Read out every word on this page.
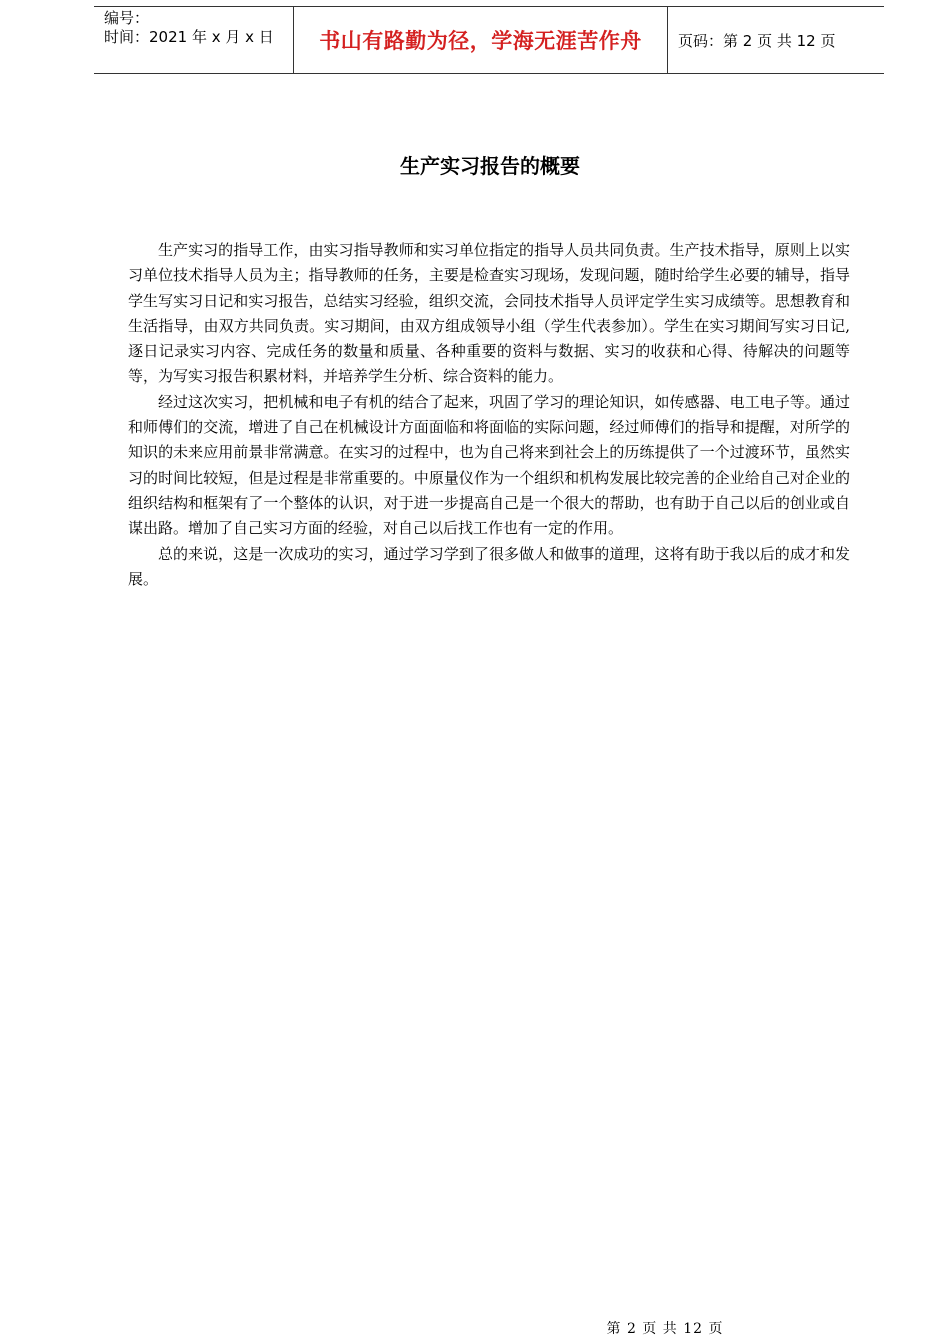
编号：
时间：2021 年 x 月 x 日	书山有路勤为径，学海无涯苦作舟	页码：第 2 页 共 12 页
生产实习报告的概要

生产实习的指导工作，由实习指导教师和实习单位指定的指导人员共同负责。生产技术指导，原则上以实习单位技术指导人员为主；指导教师的任务，主要是检查实习现场，发现问题，随时给学生必要的辅导，指导学生写实习日记和实习报告，总结实习经验，组织交流，会同技术指导人员评定学生实习成绩等。思想教育和生活指导，由双方共同负责。实习期间，由双方组成领导小组（学生代表参加）。学生在实习期间写实习日记,逐日记录实习内容、完成任务的数量和质量、各种重要的资料与数据、实习的收获和心得、待解决的问题等等，为写实习报告积累材料，并培养学生分析、综合资料的能力。

经过这次实习，把机械和电子有机的结合了起来，巩固了学习的理论知识，如传感器、电工电子等。通过和师傅们的交流，增进了自己在机械设计方面面临和将面临的实际问题，经过师傅们的指导和提醒，对所学的知识的未来应用前景非常满意。在实习的过程中，也为自己将来到社会上的历练提供了一个过渡环节，虽然实习的时间比较短，但是过程是非常重要的。中原量仪作为一个组织和机构发展比较完善的企业给自己对企业的组织结构和框架有了一个整体的认识，对于进一步提高自己是一个很大的帮助，也有助于自己以后的创业或自谋出路。增加了自己实习方面的经验，对自己以后找工作也有一定的作用。

总的来说，这是一次成功的实习，通过学习学到了很多做人和做事的道理，这将有助于我以后的成才和发展。

第 2 页 共 12 页
